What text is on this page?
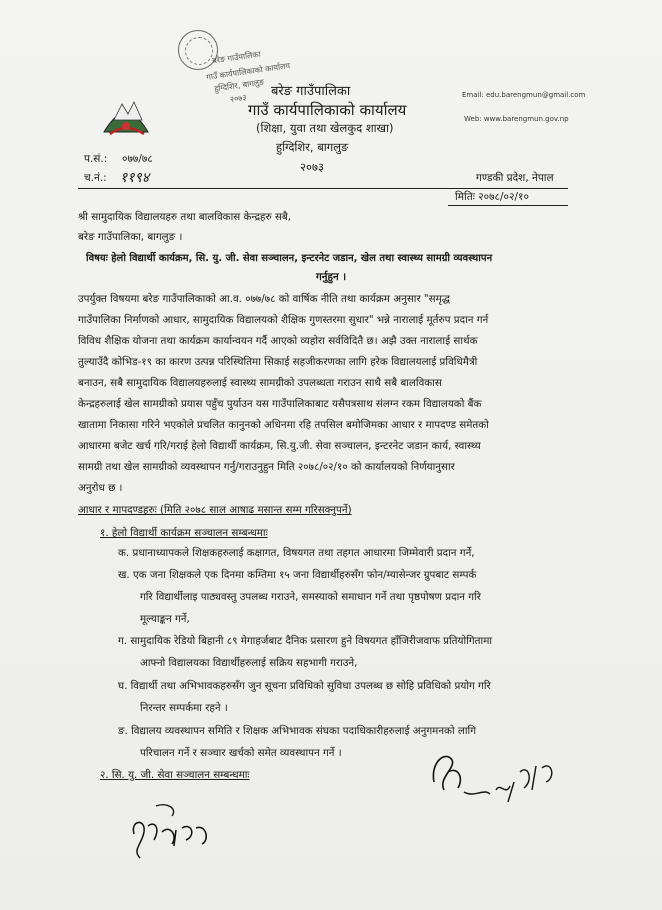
बरेङ गाउँपालिका
गाउँ कार्यपालिकाको कार्यालय
हुग्दिशिर, बागलुङ
२०७३ बरेङ गाउँपालिका
गाउँ कार्यपालिकाको कार्यालय
(शिक्षा, युवा तथा खेलकुद शाखा)
हुग्दिशिर, बागलुङ
२०७३
Email: edu.barengmun@gmail.com
Web: www.barengmun.gov.np
गण्डकी प्रदेश, नेपाल
प.सं.: ०७७/७८
च.नं.: ११९४
मितिः २०७८/०२/१०
श्री सामुदायिक विद्यालयहरु तथा बालविकास केन्द्रहरु सबै,
बरेङ गाउँपालिका, बागलुङ ।
विषयः हेलो विद्यार्थी कार्यक्रम, सि. यु. जी. सेवा सञ्चालन, इन्टरनेट जडान, खेल तथा स्वास्थ्य सामग्री व्यवस्थापन
गर्नुहुन ।
उपर्युक्त विषयमा बरेङ गाउँपालिकाको आ.व. ०७७/७८ को वार्षिक नीति तथा कार्यक्रम अनुसार "समृद्ध
गाउँपालिका निर्माणको आधार, सामुदायिक विद्यालयको शैक्षिक गुणस्तरमा सुधार" भन्ने नारालाई मूर्तरुप प्रदान गर्न
विविध शैक्षिक योजना तथा कार्यक्रम कार्यान्वयन गर्दै आएको व्यहोरा सर्वविदितै छ। अझै उक्त नारालाई सार्थक
तुल्याउँदै कोभिड-१९ का कारण उत्पन्न परिस्थितिमा सिकाई सहजीकरणका लागि हरेक विद्यालयलाई प्रविधिमैत्री
बनाउन, सबै सामुदायिक विद्यालयहरुलाई स्वास्थ्य सामग्रीको उपलब्धता गराउन साथै सबै बालविकास
केन्द्रहरुलाई खेल सामग्रीको प्रयास पहुँच पुर्याउन यस गाउँपालिकाबाट यसैपत्रसाथ संलग्न रकम विद्यालयको बैंक
खातामा निकासा गरिने भएकोले प्रचलित कानुनको अधिनमा रहि तपसिल बमोजिमका आधार र मापदण्ड समेतको
आधारमा बजेट खर्च गरि/गराई हेलो विद्यार्थी कार्यक्रम, सि.यु.जी. सेवा सञ्चालन, इन्टरनेट जडान कार्य, स्वास्थ्य
सामग्री तथा खेल सामग्रीको व्यवस्थापन गर्नु/गराउनुहुन मिति २०७८/०२/१० को कार्यालयको निर्णयानुसार
अनुरोध छ ।
आधार र मापदण्डहरुः (मिति २०७८ साल आषाढ मसान्त सम्म गरिसक्नुपर्ने)
१. हेलो विद्यार्थी कार्यक्रम सञ्चालन सम्बन्धमाः
क. प्रधानाध्यापकले शिक्षकहरुलाई कक्षागत, विषयगत तथा तहगत आधारमा जिम्मेवारी प्रदान गर्ने,
ख. एक जना शिक्षकले एक दिनमा कम्तिमा १५ जना विद्यार्थीहरुसँग फोन/म्यासेन्जर ग्रुपबाट सम्पर्क
गरि विद्यार्थीलाइ पाठ्यवस्तु उपलब्ध गराउने, समस्याको समाधान गर्ने तथा पृष्ठपोषण प्रदान गरि
मूल्याङ्कन गर्ने,
ग. सामुदायिक रेडियो बिहानी ८९ मेगाहर्जबाट दैनिक प्रसारण हुने विषयगत हाँजिरीजवाफ प्रतियोगितामा
आफ्नो विद्यालयका विद्यार्थीहरुलाई सक्रिय सहभागी गराउने,
घ. विद्यार्थी तथा अभिभावकहरुसँग जुन सूचना प्रविधिको सुविधा उपलब्ध छ सोहि प्रविधिको प्रयोग गरि
निरन्तर सम्पर्कमा रहने ।
ङ. विद्यालय व्यवस्थापन समिति र शिक्षक अभिभावक संघका पदाधिकारीहरुलाई अनुगमनको लागि
परिचालन गर्ने र सञ्चार खर्चको समेत व्यवस्थापन गर्ने ।
२. सि. यु. जी. सेवा सञ्चालन सम्बन्धमाः
